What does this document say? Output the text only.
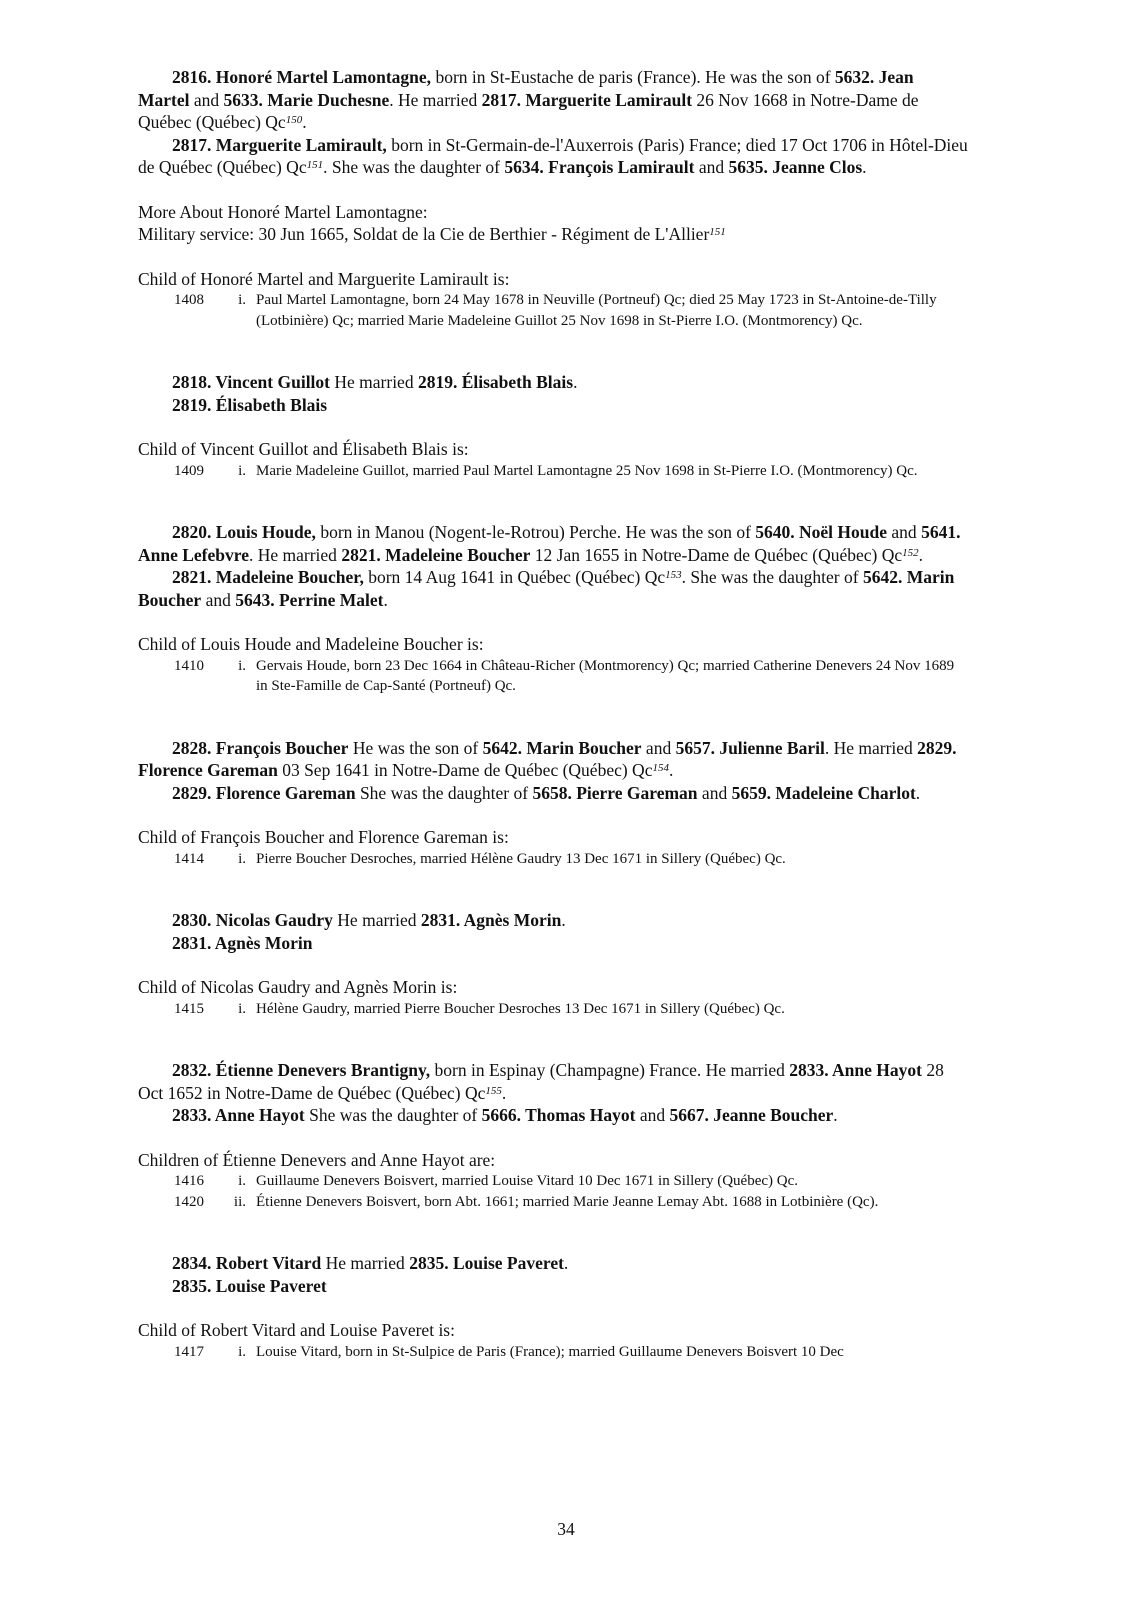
2816. Honoré Martel Lamontagne, born in St-Eustache de paris (France). He was the son of 5632. Jean Martel and 5633. Marie Duchesne. He married 2817. Marguerite Lamirault 26 Nov 1668 in Notre-Dame de Québec (Québec) Qc$^{150}$.

2817. Marguerite Lamirault, born in St-Germain-de-l'Auxerrois (Paris) France; died 17 Oct 1706 in Hôtel-Dieu de Québec (Québec) Qc$^{151}$. She was the daughter of 5634. François Lamirault and 5635. Jeanne Clos.

More About Honoré Martel Lamontagne:

Military service: 30 Jun 1665, Soldat de la Cie de Berthier - Régiment de L'Allier$^{151}$

Child of Honoré Martel and Marguerite Lamirault is:

1408	i. Paul Martel Lamontagne, born 24 May 1678 in Neuville (Portneuf) Qc; died 25 May 1723 in St-Antoine-de-Tilly (Lotbinière) Qc; married Marie Madeleine Guillot 25 Nov 1698 in St-Pierre I.O. (Montmorency) Qc.

2818. Vincent Guillot He married 2819. Élisabeth Blais.

2819. Élisabeth Blais

Child of Vincent Guillot and Élisabeth Blais is:

1409	i. Marie Madeleine Guillot, married Paul Martel Lamontagne 25 Nov 1698 in St-Pierre I.O. (Montmorency) Qc.

2820. Louis Houde, born in Manou (Nogent-le-Rotrou) Perche. He was the son of 5640. Noël Houde and 5641. Anne Lefebvre. He married 2821. Madeleine Boucher 12 Jan 1655 in Notre-Dame de Québec (Québec) Qc$^{152}$.

2821. Madeleine Boucher, born 14 Aug 1641 in Québec (Québec) Qc$^{153}$. She was the daughter of 5642. Marin Boucher and 5643. Perrine Malet.

Child of Louis Houde and Madeleine Boucher is:

1410	i. Gervais Houde, born 23 Dec 1664 in Château-Richer (Montmorency) Qc; married Catherine Denevers 24 Nov 1689 in Ste-Famille de Cap-Santé (Portneuf) Qc.

2828. François Boucher He was the son of 5642. Marin Boucher and 5657. Julienne Baril. He married 2829. Florence Gareman 03 Sep 1641 in Notre-Dame de Québec (Québec) Qc$^{154}$.

2829. Florence Gareman She was the daughter of 5658. Pierre Gareman and 5659. Madeleine Charlot.

Child of François Boucher and Florence Gareman is:

1414	i. Pierre Boucher Desroches, married Hélène Gaudry 13 Dec 1671 in Sillery (Québec) Qc.

2830. Nicolas Gaudry He married 2831. Agnès Morin.

2831. Agnès Morin

Child of Nicolas Gaudry and Agnès Morin is:

1415	i. Hélène Gaudry, married Pierre Boucher Desroches 13 Dec 1671 in Sillery (Québec) Qc.

2832. Étienne Denevers Brantigny, born in Espinay (Champagne) France. He married 2833. Anne Hayot 28 Oct 1652 in Notre-Dame de Québec (Québec) Qc$^{155}$.

2833. Anne Hayot She was the daughter of 5666. Thomas Hayot and 5667. Jeanne Boucher.

Children of Étienne Denevers and Anne Hayot are:

1416	i. Guillaume Denevers Boisvert, married Louise Vitard 10 Dec 1671 in Sillery (Québec) Qc.
1420	ii. Étienne Denevers Boisvert, born Abt. 1661; married Marie Jeanne Lemay Abt. 1688 in Lotbinière (Qc).

2834. Robert Vitard He married 2835. Louise Paveret.

2835. Louise Paveret

Child of Robert Vitard and Louise Paveret is:

1417	i. Louise Vitard, born in St-Sulpice de Paris (France); married Guillaume Denevers Boisvert 10 Dec
34
